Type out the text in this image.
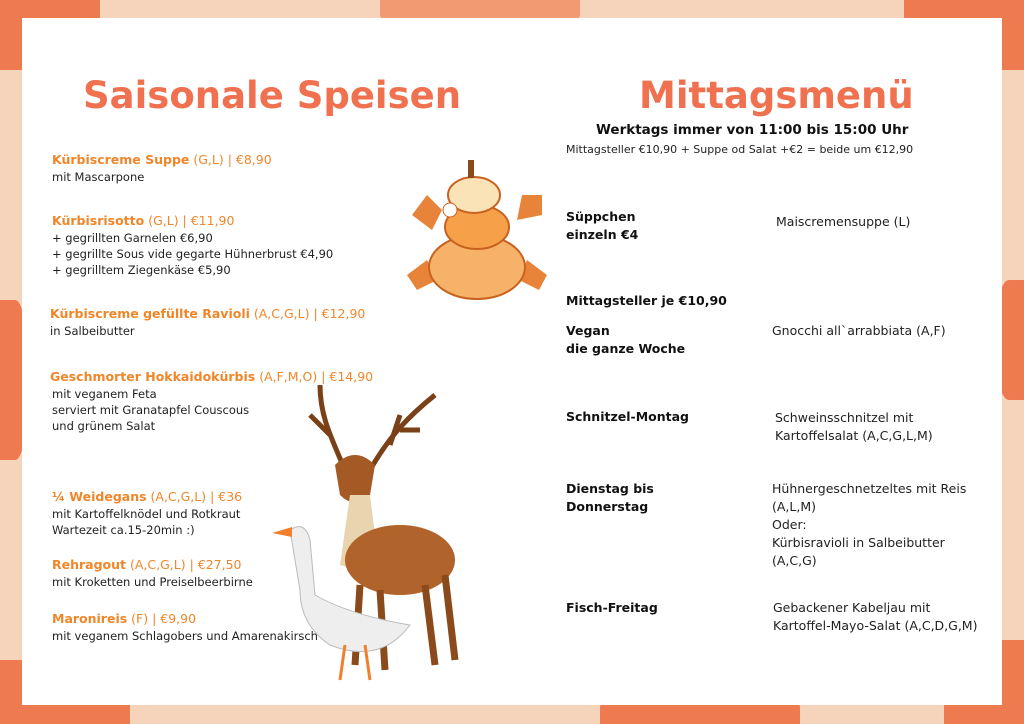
Saisonale Speisen
Kürbiscreme Suppe (G,L) | €8,90
mit Mascarpone
Kürbisrisotto (G,L) | €11,90
+ gegrillten Garnelen €6,90
+ gegrillte Sous vide gegarte Hühnerbrust €4,90
+ gegrilltem Ziegenkäse €5,90
Kürbiscreme gefüllte Ravioli (A,C,G,L) | €12,90
in Salbeibutter
Geschmorter Hokkaidokürbis (A,F,M,O) | €14,90
mit veganem Feta
serviert mit Granatapfel Couscous
und grünem Salat
¼ Weidegans (A,C,G,L) | €36
mit Kartoffelknödel und Rotkraut
Wartezeit ca.15-20min :)
Rehragout (A,C,G,L) | €27,50
mit Kroketten und Preiselbeerbirne
Maronireis (F) | €9,90
mit veganem Schlagobers und Amarenakirsch
Mittagsmenü
Werktags immer von 11:00 bis 15:00 Uhr
Mittagsteller €10,90 + Suppe od Salat +€2 = beide um €12,90
Mittagsteller je €10,90
Süppchen
einzeln €4
Maiscremensuppe (L)
Vegan
die ganze Woche
Gnocchi all`arrabbiata (A,F)
Schnitzel-Montag	Schweinsschnitzel mit
Kartoffelsalat (A,C,G,L,M)
Dienstag bis
Donnerstag
Hühnergeschnetzeltes mit Reis
(A,L,M)
Oder:
Kürbisravioli in Salbeibutter
(A,C,G)
Fisch-Freitag	Gebackener Kabeljau mit
Kartoffel-Mayo-Salat (A,C,D,G,M)
